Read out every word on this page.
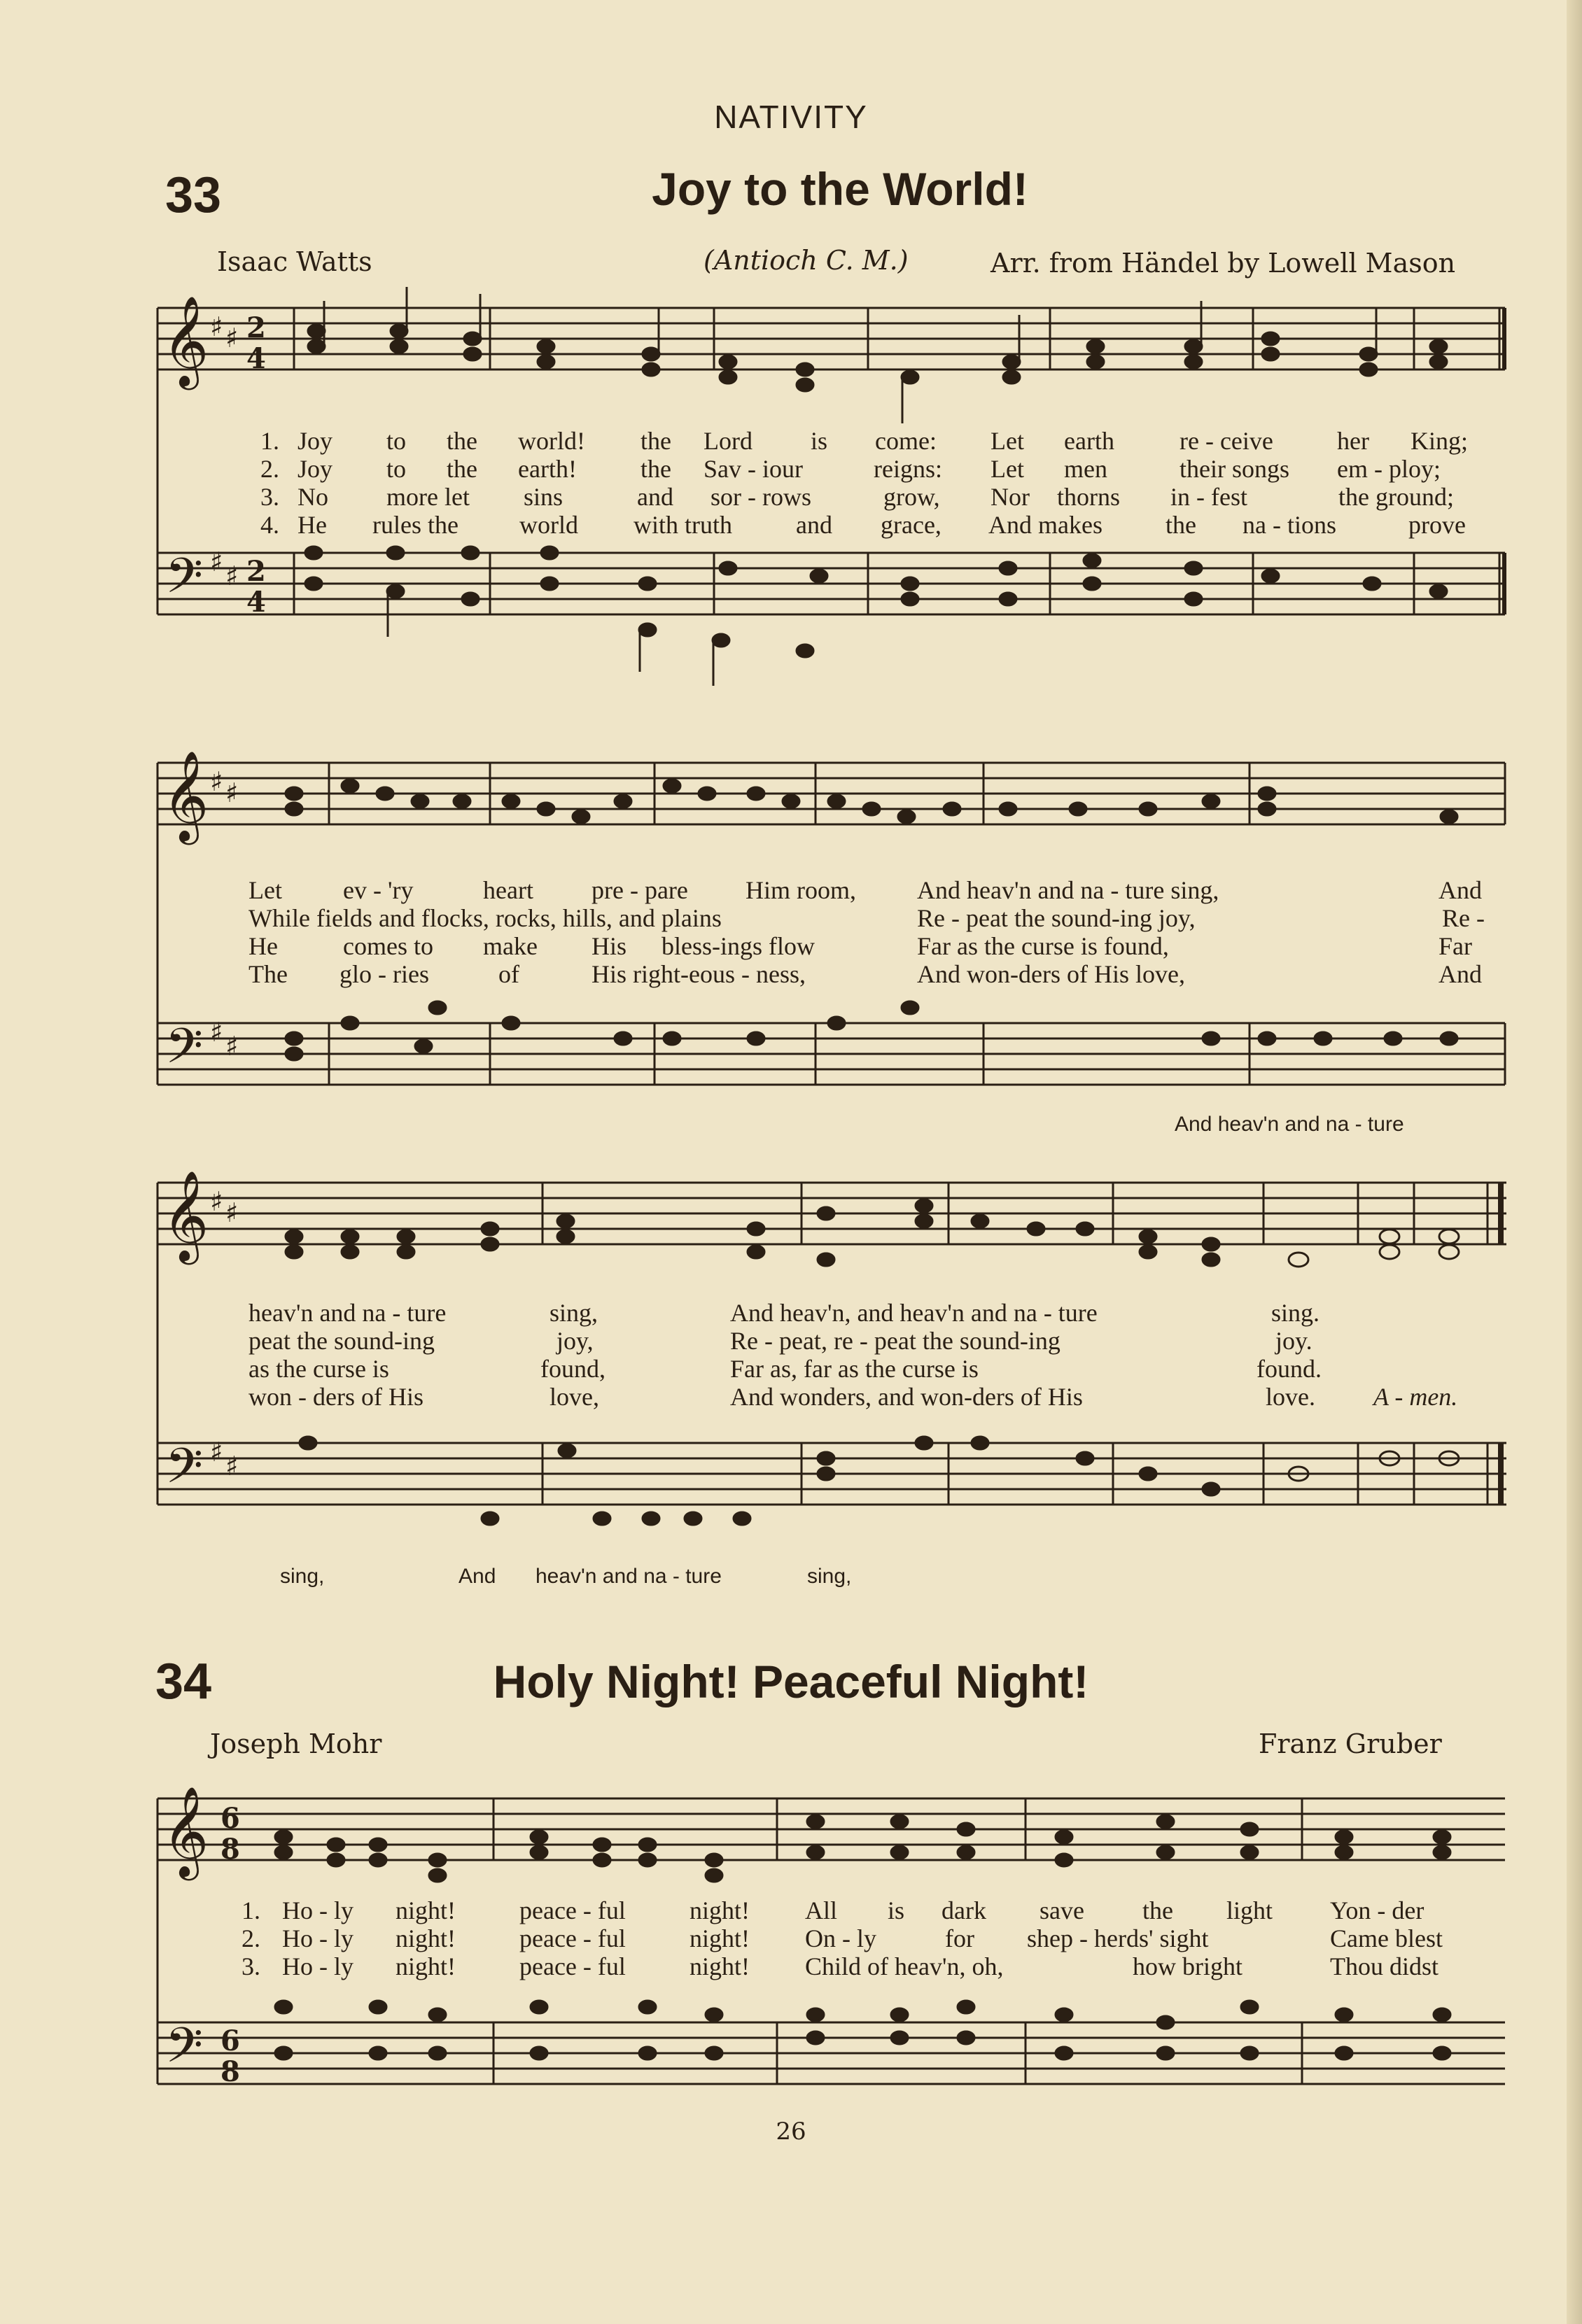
NATIVITY
33	Joy to the World!
Isaac Watts	(Antioch C. M.)	Arr. from Händel by Lowell Mason
𝄞
𝄢
♯ ♯
♯ ♯
2
4
2
4
1.
2.
3.
4.
Joy to the world! the Lord is come: Let earth	re - ceive	her King;
Joy to the earth!	the Sav - iour	reigns: Let men	their songs em - ploy;
No more let sins	and sor - rows	grow, Nor thorns in - fest	the ground;
He rules the world with truth	and grace, And makes	the na - tions	prove
𝄞
𝄢
♯ ♯
♯ ♯
Let ev - 'ry	heart pre - pare Him room, And heav'n and na - ture sing,	And
While fields and flocks, rocks, hills, and plains	Re - peat the sound-ing joy,	Re -
He	comes to make His bless-ings flow	Far as the curse is found,	Far
The glo - ries	of	His right-eous - ness,	And won-ders of His love,	And
And heav'n and na - ture
𝄞
𝄢
♯ ♯
♯ ♯
heav'n and na - ture	sing,	And heav'n, and heav'n and na - ture	sing.
peat the sound-ing	joy,	Re - peat, re - peat the sound-ing	joy.
as the curse is	found,	Far as, far as the curse is	found.
won - ders of His	love,	And wonders, and won-ders of His	love. A - men.
sing,	And heav'n and na - ture	sing,
34	Holy Night! Peaceful Night!
Joseph Mohr	Franz Gruber
𝄞
𝄢
6
8
6
8
1.
2.
3.
Ho - ly night!	peace - ful	night! All is dark save the light Yon - der
Ho - ly night!	peace - ful	night! On - ly	for shep - herds' sight	Came blest
Ho - ly night!	peace - ful	night! Child of heav'n, oh,	how bright	Thou didst
26
